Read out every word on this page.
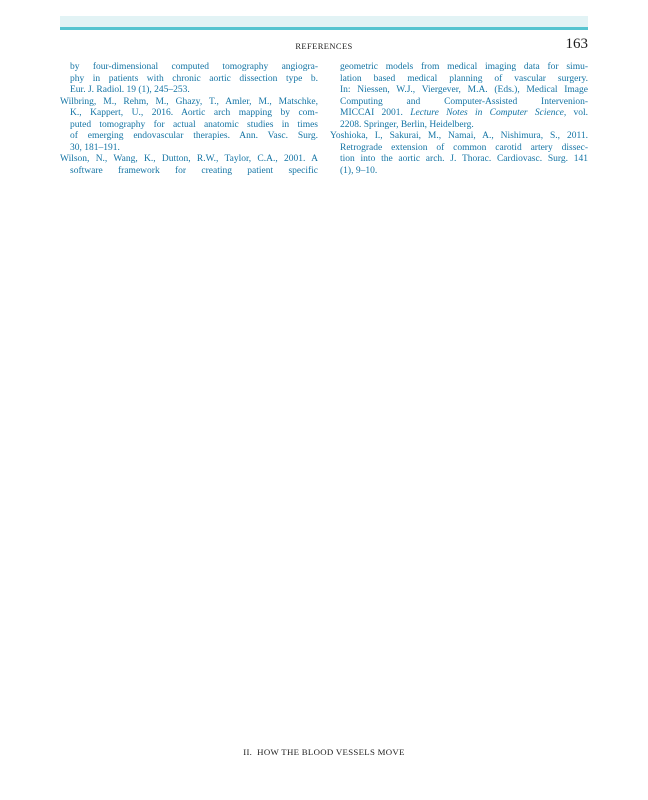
REFERENCES	163
by four-dimensional computed tomography angiogra-
phy in patients with chronic aortic dissection type b.
Eur. J. Radiol. 19 (1), 245–253.
Wilbring, M., Rehm, M., Ghazy, T., Amler, M., Matschke,
K., Kappert, U., 2016. Aortic arch mapping by com-
puted tomography for actual anatomic studies in times
of emerging endovascular therapies. Ann. Vasc. Surg.
30, 181–191.
Wilson, N., Wang, K., Dutton, R.W., Taylor, C.A., 2001. A
software framework for creating patient specific
geometric models from medical imaging data for simu-
lation based medical planning of vascular surgery.
In: Niessen, W.J., Viergever, M.A. (Eds.), Medical Image
Computing and Computer-Assisted Intervenion-
MICCAI 2001. Lecture Notes in Computer Science, vol.
2208. Springer, Berlin, Heidelberg.
Yoshioka, I., Sakurai, M., Namai, A., Nishimura, S., 2011.
Retrograde extension of common carotid artery dissec-
tion into the aortic arch. J. Thorac. Cardiovasc. Surg. 141
(1), 9–10.
II.  HOW THE BLOOD VESSELS MOVE
